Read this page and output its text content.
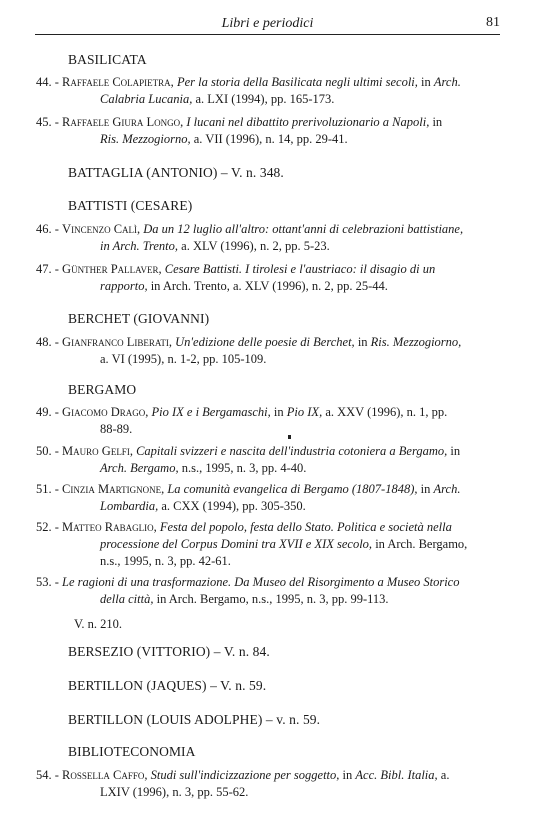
Libri e periodici	81
BASILICATA
44. - Raffaele Colapietra, Per la storia della Basilicata negli ultimi secoli, in Arch.
Calabria Lucania, a. LXI (1994), pp. 165-173.
45. - Raffaele Giura Longo, I lucani nel dibattito prerivoluzionario a Napoli, in
Ris. Mezzogiorno, a. VII (1996), n. 14, pp. 29-41.
BATTAGLIA (ANTONIO) – V. n. 348.
BATTISTI (CESARE)
46. - Vincenzo Calì, Da un 12 luglio all'altro: ottant'anni di celebrazioni battistiane,
in Arch. Trento, a. XLV (1996), n. 2, pp. 5-23.
47. - Günther Pallaver, Cesare Battisti. I tirolesi e l'austriaco: il disagio di un
rapporto, in Arch. Trento, a. XLV (1996), n. 2, pp. 25-44.
BERCHET (GIOVANNI)
48. - Gianfranco Liberati, Un'edizione delle poesie di Berchet, in Ris. Mezzogiorno,
a. VI (1995), n. 1-2, pp. 105-109.
BERGAMO
49. - Giacomo Drago, Pio IX e i Bergamaschi, in Pio IX, a. XXV (1996), n. 1, pp.
88-89.
50. - Mauro Gelfi, Capitali svizzeri e nascita dell'industria cotoniera a Bergamo, in
Arch. Bergamo, n.s., 1995, n. 3, pp. 4-40.
51. - Cinzia Martignone, La comunità evangelica di Bergamo (1807-1848), in Arch.
Lombardia, a. CXX (1994), pp. 305-350.
52. - Matteo Rabaglio, Festa del popolo, festa dello Stato. Politica e società nella
processione del Corpus Domini tra XVII e XIX secolo, in Arch. Bergamo,
n.s., 1995, n. 3, pp. 42-61.
53. - Le ragioni di una trasformazione. Da Museo del Risorgimento a Museo Storico
della città, in Arch. Bergamo, n.s., 1995, n. 3, pp. 99-113.
V. n. 210.
BERSEZIO (VITTORIO) – V. n. 84.
BERTILLON (JAQUES) – V. n. 59.
BERTILLON (LOUIS ADOLPHE) – v. n. 59.
BIBLIOTECONOMIA
54. - Rossella Caffo, Studi sull'indicizzazione per soggetto, in Acc. Bibl. Italia, a.
LXIV (1996), n. 3, pp. 55-62.
